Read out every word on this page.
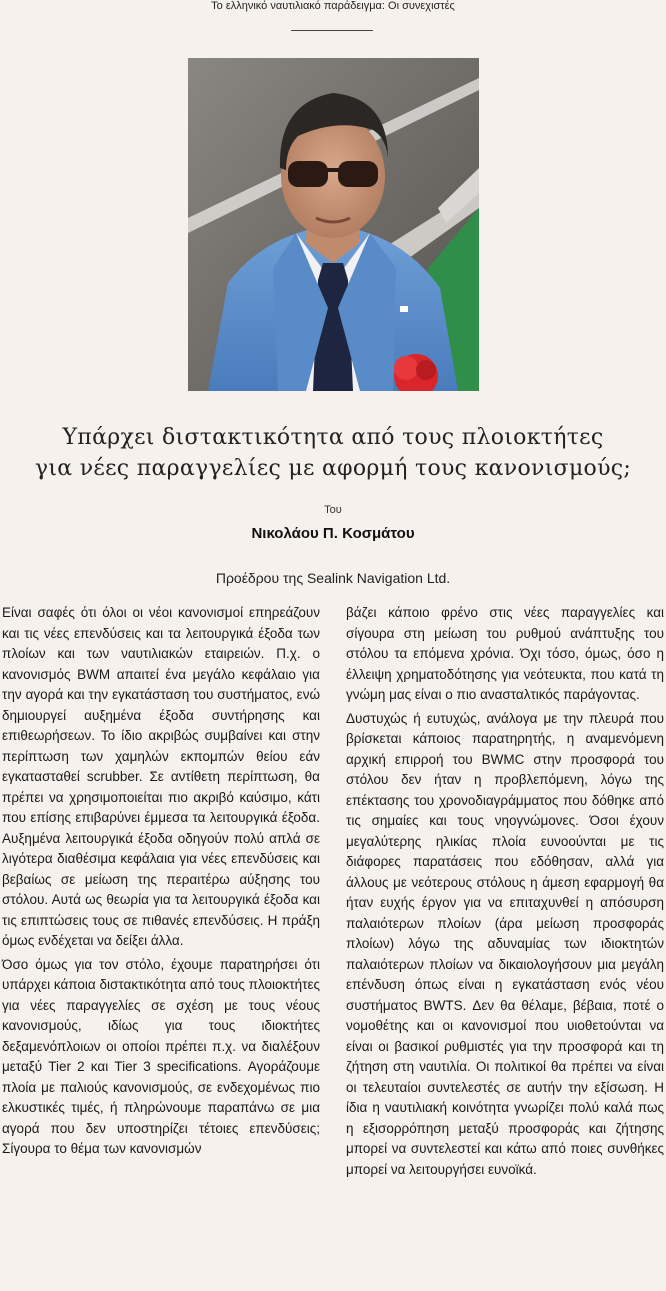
Το ελληνικό ναυτιλιακό παράδειγμα: Οι συνεχιστές
Υπάρχει διστακτικότητα από τους πλοιοκτήτες
για νέες παραγγελίες με αφορμή τους κανονισμούς;
Του
Νικολάου Π. Κοσμάτου
Προέδρου της Sealink Navigation Ltd.

Είναι σαφές ότι όλοι οι νέοι κανονισμοί επηρεάζουν και τις νέες επενδύσεις και τα λειτουργικά έξοδα των πλοίων και των ναυτιλιακών εταιρειών. Π.χ. ο κανονισμός BWM απαιτεί ένα μεγάλο κεφάλαιο για την αγορά και την εγκατάσταση του συστήματος, ενώ δημιουργεί αυξημένα έξοδα συντήρησης και επιθεωρήσεων. Το ίδιο ακριβώς συμβαίνει και στην περίπτωση των χαμηλών εκπομπών θείου εάν εγκατασταθεί scrubber. Σε αντίθετη περίπτωση, θα πρέπει να χρησιμοποιείται πιο ακριβό καύσιμο, κάτι που επίσης επιβαρύνει έμμεσα τα λειτουργικά έξοδα. Αυξημένα λειτουργικά έξοδα οδηγούν πολύ απλά σε λιγότερα διαθέσιμα κεφάλαια για νέες επενδύσεις και βεβαίως σε μείωση της περαιτέρω αύξησης του στόλου. Αυτά ως θεωρία για τα λειτουργικά έξοδα και τις επιπτώσεις τους σε πιθανές επενδύσεις. Η πράξη όμως ενδέχεται να δείξει άλλα.

Όσο όμως για τον στόλο, έχουμε παρατηρήσει ότι υπάρχει κάποια διστακτικότητα από τους πλοιοκτήτες για νέες παραγγελίες σε σχέση με τους νέους κανονισμούς, ιδίως για τους ιδιοκτήτες δεξαμενόπλοιων οι οποίοι πρέπει π.χ. να διαλέξουν μεταξύ Tier 2 και Tier 3 specifications. Αγοράζουμε πλοία με παλιούς κανονισμούς, σε ενδεχομένως πιο ελκυστικές τιμές, ή πληρώνουμε παραπάνω σε μια αγορά που δεν υποστηρίζει τέτοιες επενδύσεις; Σίγουρα το θέμα των κανονισμών

βάζει κάποιο φρένο στις νέες παραγγελίες και σίγουρα στη μείωση του ρυθμού ανάπτυξης του στόλου τα επόμενα χρόνια. Όχι τόσο, όμως, όσο η έλλειψη χρηματοδότησης για νεότευκτα, που κατά τη γνώμη μας είναι ο πιο ανασταλτικός παράγοντας.

Δυστυχώς ή ευτυχώς, ανάλογα με την πλευρά που βρίσκεται κάποιος παρατηρητής, η αναμενόμενη αρχική επιρροή του BWMC στην προσφορά του στόλου δεν ήταν η προβλεπόμενη, λόγω της επέκτασης του χρονοδιαγράμματος που δόθηκε από τις σημαίες και τους νηογνώμονες. Όσοι έχουν μεγαλύτερης ηλικίας πλοία ευνοούνται με τις διάφορες παρατάσεις που εδόθησαν, αλλά για άλλους με νεότερους στόλους η άμεση εφαρμογή θα ήταν ευχής έργον για να επιταχυνθεί η απόσυρση παλαιότερων πλοίων (άρα μείωση προσφοράς πλοίων) λόγω της αδυναμίας των ιδιοκτητών παλαιότερων πλοίων να δικαιολογήσουν μια μεγάλη επένδυση όπως είναι η εγκατάσταση ενός νέου συστήματος BWTS. Δεν θα θέλαμε, βέβαια, ποτέ ο νομοθέτης και οι κανονισμοί που υιοθετούνται να είναι οι βασικοί ρυθμιστές για την προσφορά και τη ζήτηση στη ναυτιλία. Οι πολιτικοί θα πρέπει να είναι οι τελευταίοι συντελεστές σε αυτήν την εξίσωση. Η ίδια η ναυτιλιακή κοινότητα γνωρίζει πολύ καλά πως η εξισορρόπηση μεταξύ προσφοράς και ζήτησης μπορεί να συντελεστεί και κάτω από ποιες συνθήκες μπορεί να λειτουργήσει ευνοϊκά.
